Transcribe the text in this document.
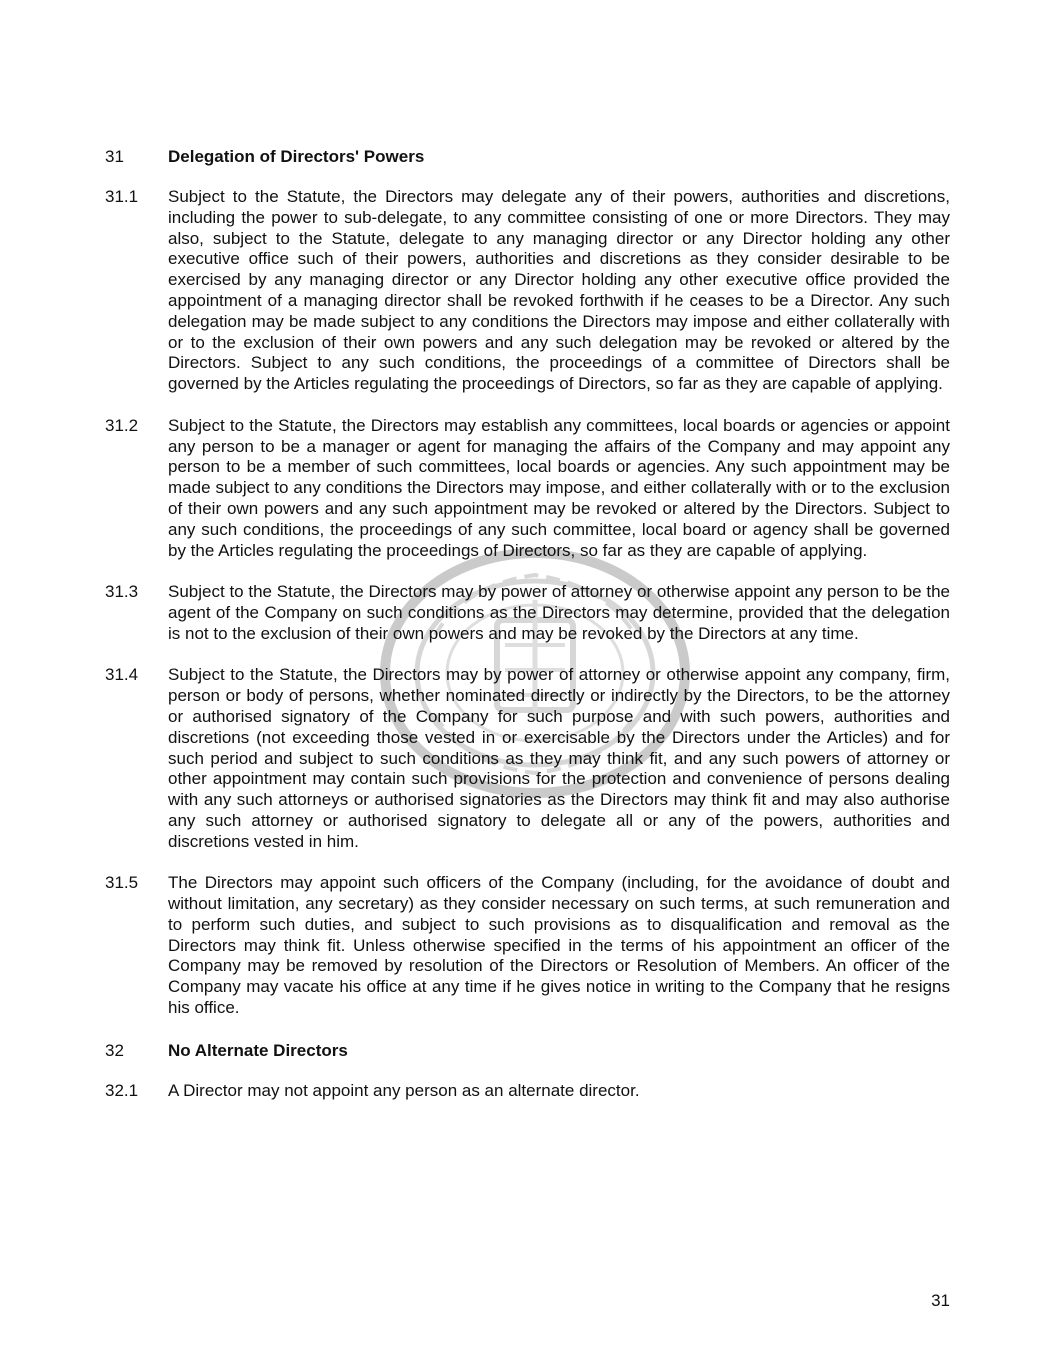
31	Delegation of Directors' Powers
31.1	Subject to the Statute, the Directors may delegate any of their powers, authorities and discretions, including the power to sub-delegate, to any committee consisting of one or more Directors. They may also, subject to the Statute, delegate to any managing director or any Director holding any other executive office such of their powers, authorities and discretions as they consider desirable to be exercised by any managing director or any Director holding any other executive office provided the appointment of a managing director shall be revoked forthwith if he ceases to be a Director. Any such delegation may be made subject to any conditions the Directors may impose and either collaterally with or to the exclusion of their own powers and any such delegation may be revoked or altered by the Directors. Subject to any such conditions, the proceedings of a committee of Directors shall be governed by the Articles regulating the proceedings of Directors, so far as they are capable of applying.
31.2	Subject to the Statute, the Directors may establish any committees, local boards or agencies or appoint any person to be a manager or agent for managing the affairs of the Company and may appoint any person to be a member of such committees, local boards or agencies. Any such appointment may be made subject to any conditions the Directors may impose, and either collaterally with or to the exclusion of their own powers and any such appointment may be revoked or altered by the Directors. Subject to any such conditions, the proceedings of any such committee, local board or agency shall be governed by the Articles regulating the proceedings of Directors, so far as they are capable of applying.
31.3	Subject to the Statute, the Directors may by power of attorney or otherwise appoint any person to be the agent of the Company on such conditions as the Directors may determine, provided that the delegation is not to the exclusion of their own powers and may be revoked by the Directors at any time.
31.4	Subject to the Statute, the Directors may by power of attorney or otherwise appoint any company, firm, person or body of persons, whether nominated directly or indirectly by the Directors, to be the attorney or authorised signatory of the Company for such purpose and with such powers, authorities and discretions (not exceeding those vested in or exercisable by the Directors under the Articles) and for such period and subject to such conditions as they may think fit, and any such powers of attorney or other appointment may contain such provisions for the protection and convenience of persons dealing with any such attorneys or authorised signatories as the Directors may think fit and may also authorise any such attorney or authorised signatory to delegate all or any of the powers, authorities and discretions vested in him.
31.5	The Directors may appoint such officers of the Company (including, for the avoidance of doubt and without limitation, any secretary) as they consider necessary on such terms, at such remuneration and to perform such duties, and subject to such provisions as to disqualification and removal as the Directors may think fit. Unless otherwise specified in the terms of his appointment an officer of the Company may be removed by resolution of the Directors or Resolution of Members. An officer of the Company may vacate his office at any time if he gives notice in writing to the Company that he resigns his office.
32	No Alternate Directors
32.1	A Director may not appoint any person as an alternate director.
31
